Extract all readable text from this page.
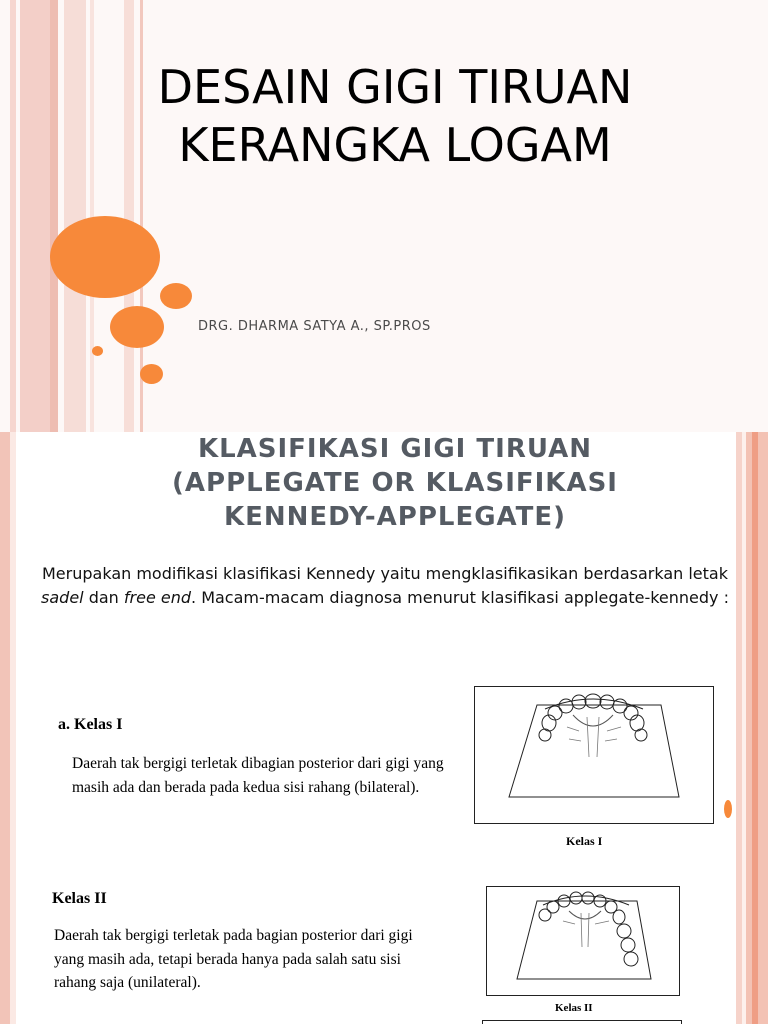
DESAIN GIGI TIRUAN
KERANGKA LOGAM
DRG. DHARMA SATYA A., SP.PROS
KLASIFIKASI GIGI TIRUAN
(APPLEGATE OR KLASIFIKASI
KENNEDY-APPLEGATE)

Merupakan modifikasi klasifikasi Kennedy yaitu mengklasifikasikan berdasarkan letak sadel dan free end. Macam-macam diagnosa menurut klasifikasi applegate-kennedy :

a. Kelas I
Daerah tak bergigi terletak dibagian posterior dari gigi yang masih ada dan berada pada kedua sisi rahang (bilateral).
Kelas I
Kelas II
Daerah tak bergigi terletak pada bagian posterior dari gigi yang masih ada, tetapi berada hanya pada salah satu sisi rahang saja (unilateral).
Kelas II
